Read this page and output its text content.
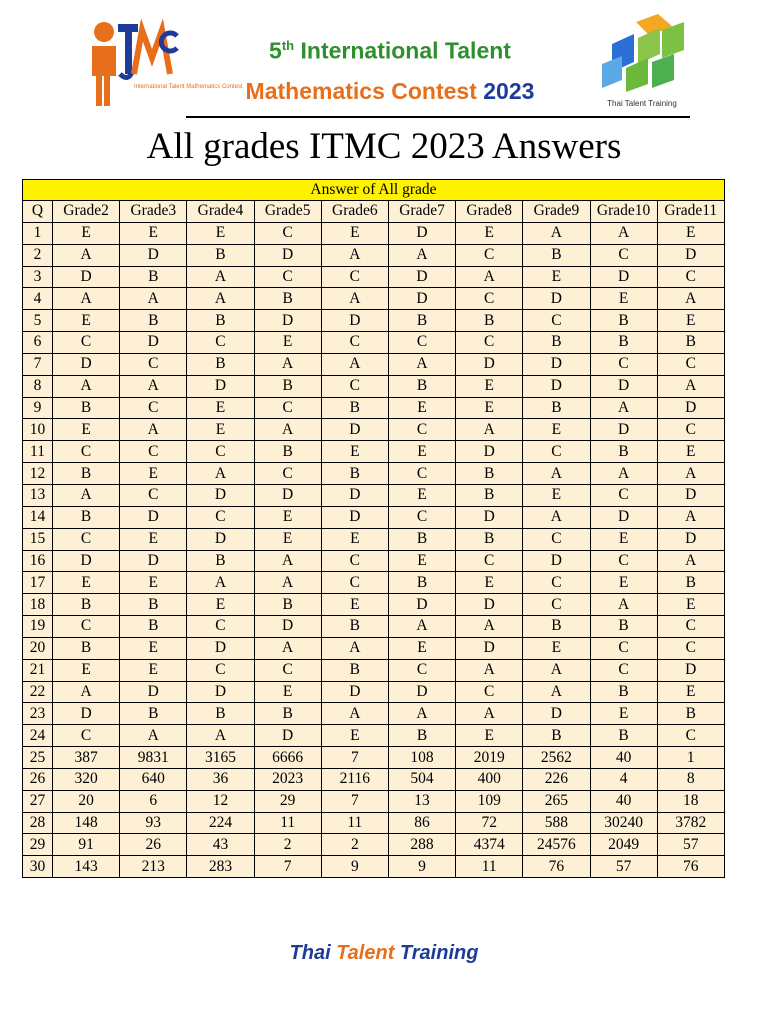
International Talent Mathematics Contest
5th International Talent
Mathematics Contest 2023	Thai Talent Training
All grades ITMC 2023 Answers
Answer of All grade										
Q	Grade2	Grade3	Grade4	Grade5	Grade6	Grade7	Grade8	Grade9	Grade10	Grade11
1	E	E	E	C	E	D	E	A	A	E
2	A	D	B	D	A	A	C	B	C	D
3	D	B	A	C	C	D	A	E	D	C
4	A	A	A	B	A	D	C	D	E	A
5	E	B	B	D	D	B	B	C	B	E
6	C	D	C	E	C	C	C	B	B	B
7	D	C	B	A	A	A	D	D	C	C
8	A	A	D	B	C	B	E	D	D	A
9	B	C	E	C	B	E	E	B	A	D
10	E	A	E	A	D	C	A	E	D	C
11	C	C	C	B	E	E	D	C	B	E
12	B	E	A	C	B	C	B	A	A	A
13	A	C	D	D	D	E	B	E	C	D
14	B	D	C	E	D	C	D	A	D	A
15	C	E	D	E	E	B	B	C	E	D
16	D	D	B	A	C	E	C	D	C	A
17	E	E	A	A	C	B	E	C	E	B
18	B	B	E	B	E	D	D	C	A	E
19	C	B	C	D	B	A	A	B	B	C
20	B	E	D	A	A	E	D	E	C	C
21	E	E	C	C	B	C	A	A	C	D
22	A	D	D	E	D	D	C	A	B	E
23	D	B	B	B	A	A	A	D	E	B
24	C	A	A	D	E	B	E	B	B	C
25	387	9831	3165	6666	7	108	2019	2562	40	1
26	320	640	36	2023	2116	504	400	226	4	8
27	20	6	12	29	7	13	109	265	40	18
28	148	93	224	11	11	86	72	588	30240	3782
29	91	26	43	2	2	288	4374	24576	2049	57
30	143	213	283	7	9	9	11	76	57	76
Thai Talent Training
